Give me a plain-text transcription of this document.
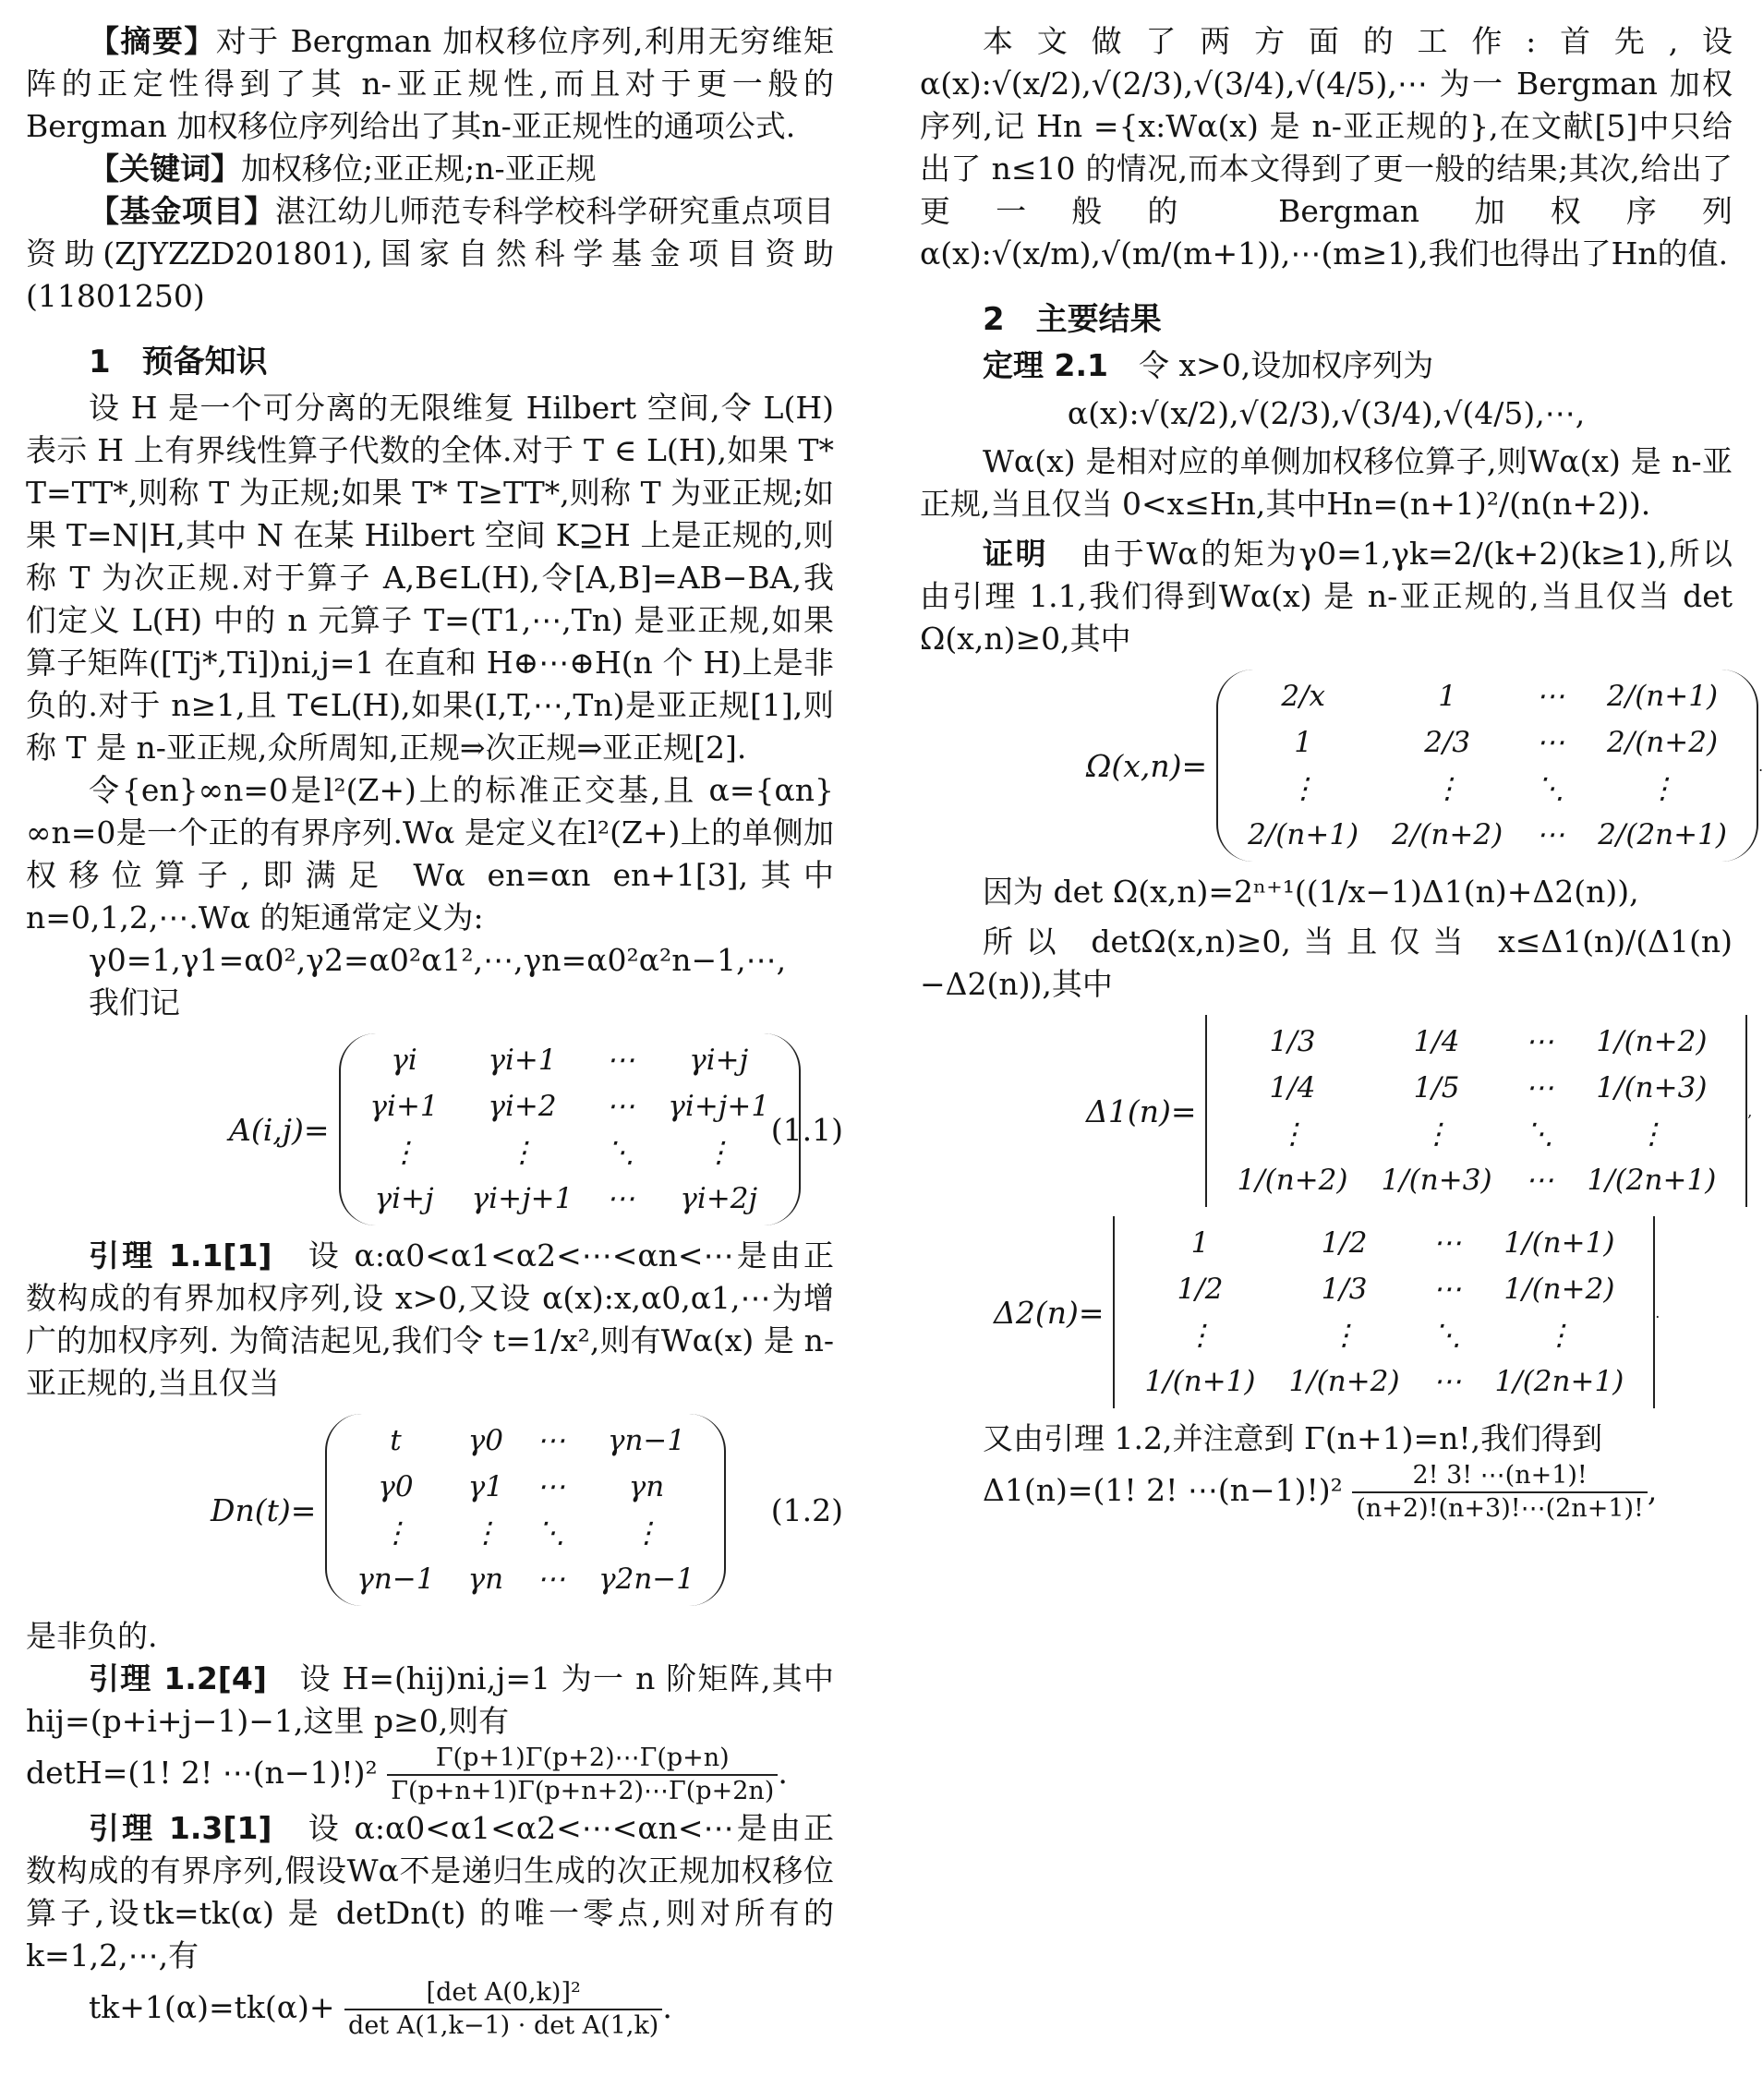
【摘要】对于 Bergman 加权移位序列,利用无穷维矩阵的正定性得到了其 n-亚正规性,而且对于更一般的 Bergman 加权移位序列给出了其n-亚正规性的通项公式.

【关键词】加权移位;亚正规;n-亚正规

【基金项目】湛江幼儿师范专科学校科学研究重点项目资助(ZJYZZD201801),国家自然科学基金项目资助(11801250)

1　预备知识

设 H 是一个可分离的无限维复 Hilbert 空间,令 L(H) 表示 H 上有界线性算子代数的全体.对于 T ∈ L(H),如果 T* T=TT*,则称 T 为正规;如果 T* T≥TT*,则称 T 为亚正规;如果 T=N|H,其中 N 在某 Hilbert 空间 K⊇H 上是正规的,则称 T 为次正规.对于算子 A,B∈L(H),令[A,B]=AB−BA,我们定义 L(H) 中的 n 元算子 T=(T1,⋯,Tn) 是亚正规,如果算子矩阵([Tj*,Ti])ni,j=1 在直和 H⊕⋯⊕H(n 个 H)上是非负的.对于 n≥1,且 T∈L(H),如果(I,T,⋯,Tn)是亚正规[1],则称 T 是 n-亚正规,众所周知,正规⇒次正规⇒亚正规[2].

令{en}∞n=0是l²(Z+)上的标准正交基,且 α={αn}∞n=0是一个正的有界序列.Wα 是定义在l²(Z+)上的单侧加权移位算子,即满足 Wα en=αn en+1[3],其中 n=0,1,2,⋯.Wα 的矩通常定义为:

γ0=1,γ1=α0²,γ2=α0²α1²,⋯,γn=α0²α²n−1,⋯,
我们记
A(i,j)=
γi	γi+1	⋯	γi+j
γi+1	γi+2	⋯	γi+j+1
⋮	⋮	⋱	⋮
γi+j	γi+j+1	⋯	γi+2j
(1.1)

引理 1.1[1]　 设 α:α0<α1<α2<⋯<αn<⋯是由正数构成的有界加权序列,设 x>0,又设 α(x):x,α0,α1,⋯为增广的加权序列. 为简洁起见,我们令 t=1/x²,则有Wα(x) 是 n-亚正规的,当且仅当

Dn(t)=
t	γ0	⋯	γn−1
γ0	γ1	⋯	γn
⋮	⋮	⋱	⋮
γn−1	γn	⋯	γ2n−1
(1.2)

是非负的.

引理 1.2[4]　 设 H=(hij)ni,j=1 为一 n 阶矩阵,其中hij=(p+i+j−1)−1,这里 p≥0,则有

detH=(1! 2! ⋯(n−1)!)² $\frac{\Gamma(p+1)\Gamma(p+2)\cdots\Gamma(p+n)}{\Gamma(p+n+1)\Gamma(p+n+2)\cdots\Gamma(p+2n)}$ .

引理 1.3[1]　 设 α:α0<α1<α2<⋯<αn<⋯是由正数构成的有界序列,假设Wα不是递归生成的次正规加权移位算子,设tk=tk(α) 是 detDn(t) 的唯一零点,则对所有的 k=1,2,⋯,有

tk+1(α)=tk(α)+	[det A(0,k)]²
det A(1,k−1) · det A(1,k)
.

本文做了两方面的工作:首先,设 α(x):√(x/2),√(2/3),√(3/4),√(4/5),⋯ 为一 Bergman 加权序列,记 Hn ={x:Wα(x) 是 n-亚正规的},在文献[5]中只给出了 n≤10 的情况,而本文得到了更一般的结果;其次,给出了更一般的 Bergman 加权序列 α(x):√(x/m),√(m/(m+1)),⋯(m≥1),我们也得出了Hn的值.

2　主要结果

定理 2.1　 令 x>0,设加权序列为

α(x):√(x/2),√(2/3),√(3/4),√(4/5),⋯,

Wα(x) 是相对应的单侧加权移位算子,则Wα(x) 是 n-亚正规,当且仅当 0<x≤Hn,其中Hn=(n+1)²/(n(n+2)).

证明　 由于Wα的矩为γ0=1,γk=2/(k+2)(k≥1),所以由引理 1.1,我们得到Wα(x) 是 n-亚正规的,当且仅当 det Ω(x,n)≥0,其中

Ω(x,n)=
2/x	1	⋯	2/(n+1)
1	2/3	⋯	2/(n+2)
⋮	⋮	⋱	⋮
2/(n+1)	2/(n+2)	⋯	2/(2n+1)
.

因为 det Ω(x,n)=2ⁿ⁺¹((1/x−1)Δ1(n)+Δ2(n)),

所以 detΩ(x,n)≥0,当且仅当 x≤Δ1(n)/(Δ1(n)−Δ2(n)),其中

Δ1(n)=
1/3	1/4	⋯	1/(n+2)
1/4	1/5	⋯	1/(n+3)
⋮	⋮	⋱	⋮
1/(n+2)	1/(n+3)	⋯	1/(2n+1)
,
Δ2(n)=
1	1/2	⋯	1/(n+1)
1/2	1/3	⋯	1/(n+2)
⋮	⋮	⋱	⋮
1/(n+1)	1/(n+2)	⋯	1/(2n+1)
.

又由引理 1.2,并注意到 Γ(n+1)=n!,我们得到

Δ1(n)=(1! 2! ⋯(n−1)!)² $\frac{2! 3! \cdots(n+1)!}{(n+2)!(n+3)!\cdots(2n+1)!}$ ,
